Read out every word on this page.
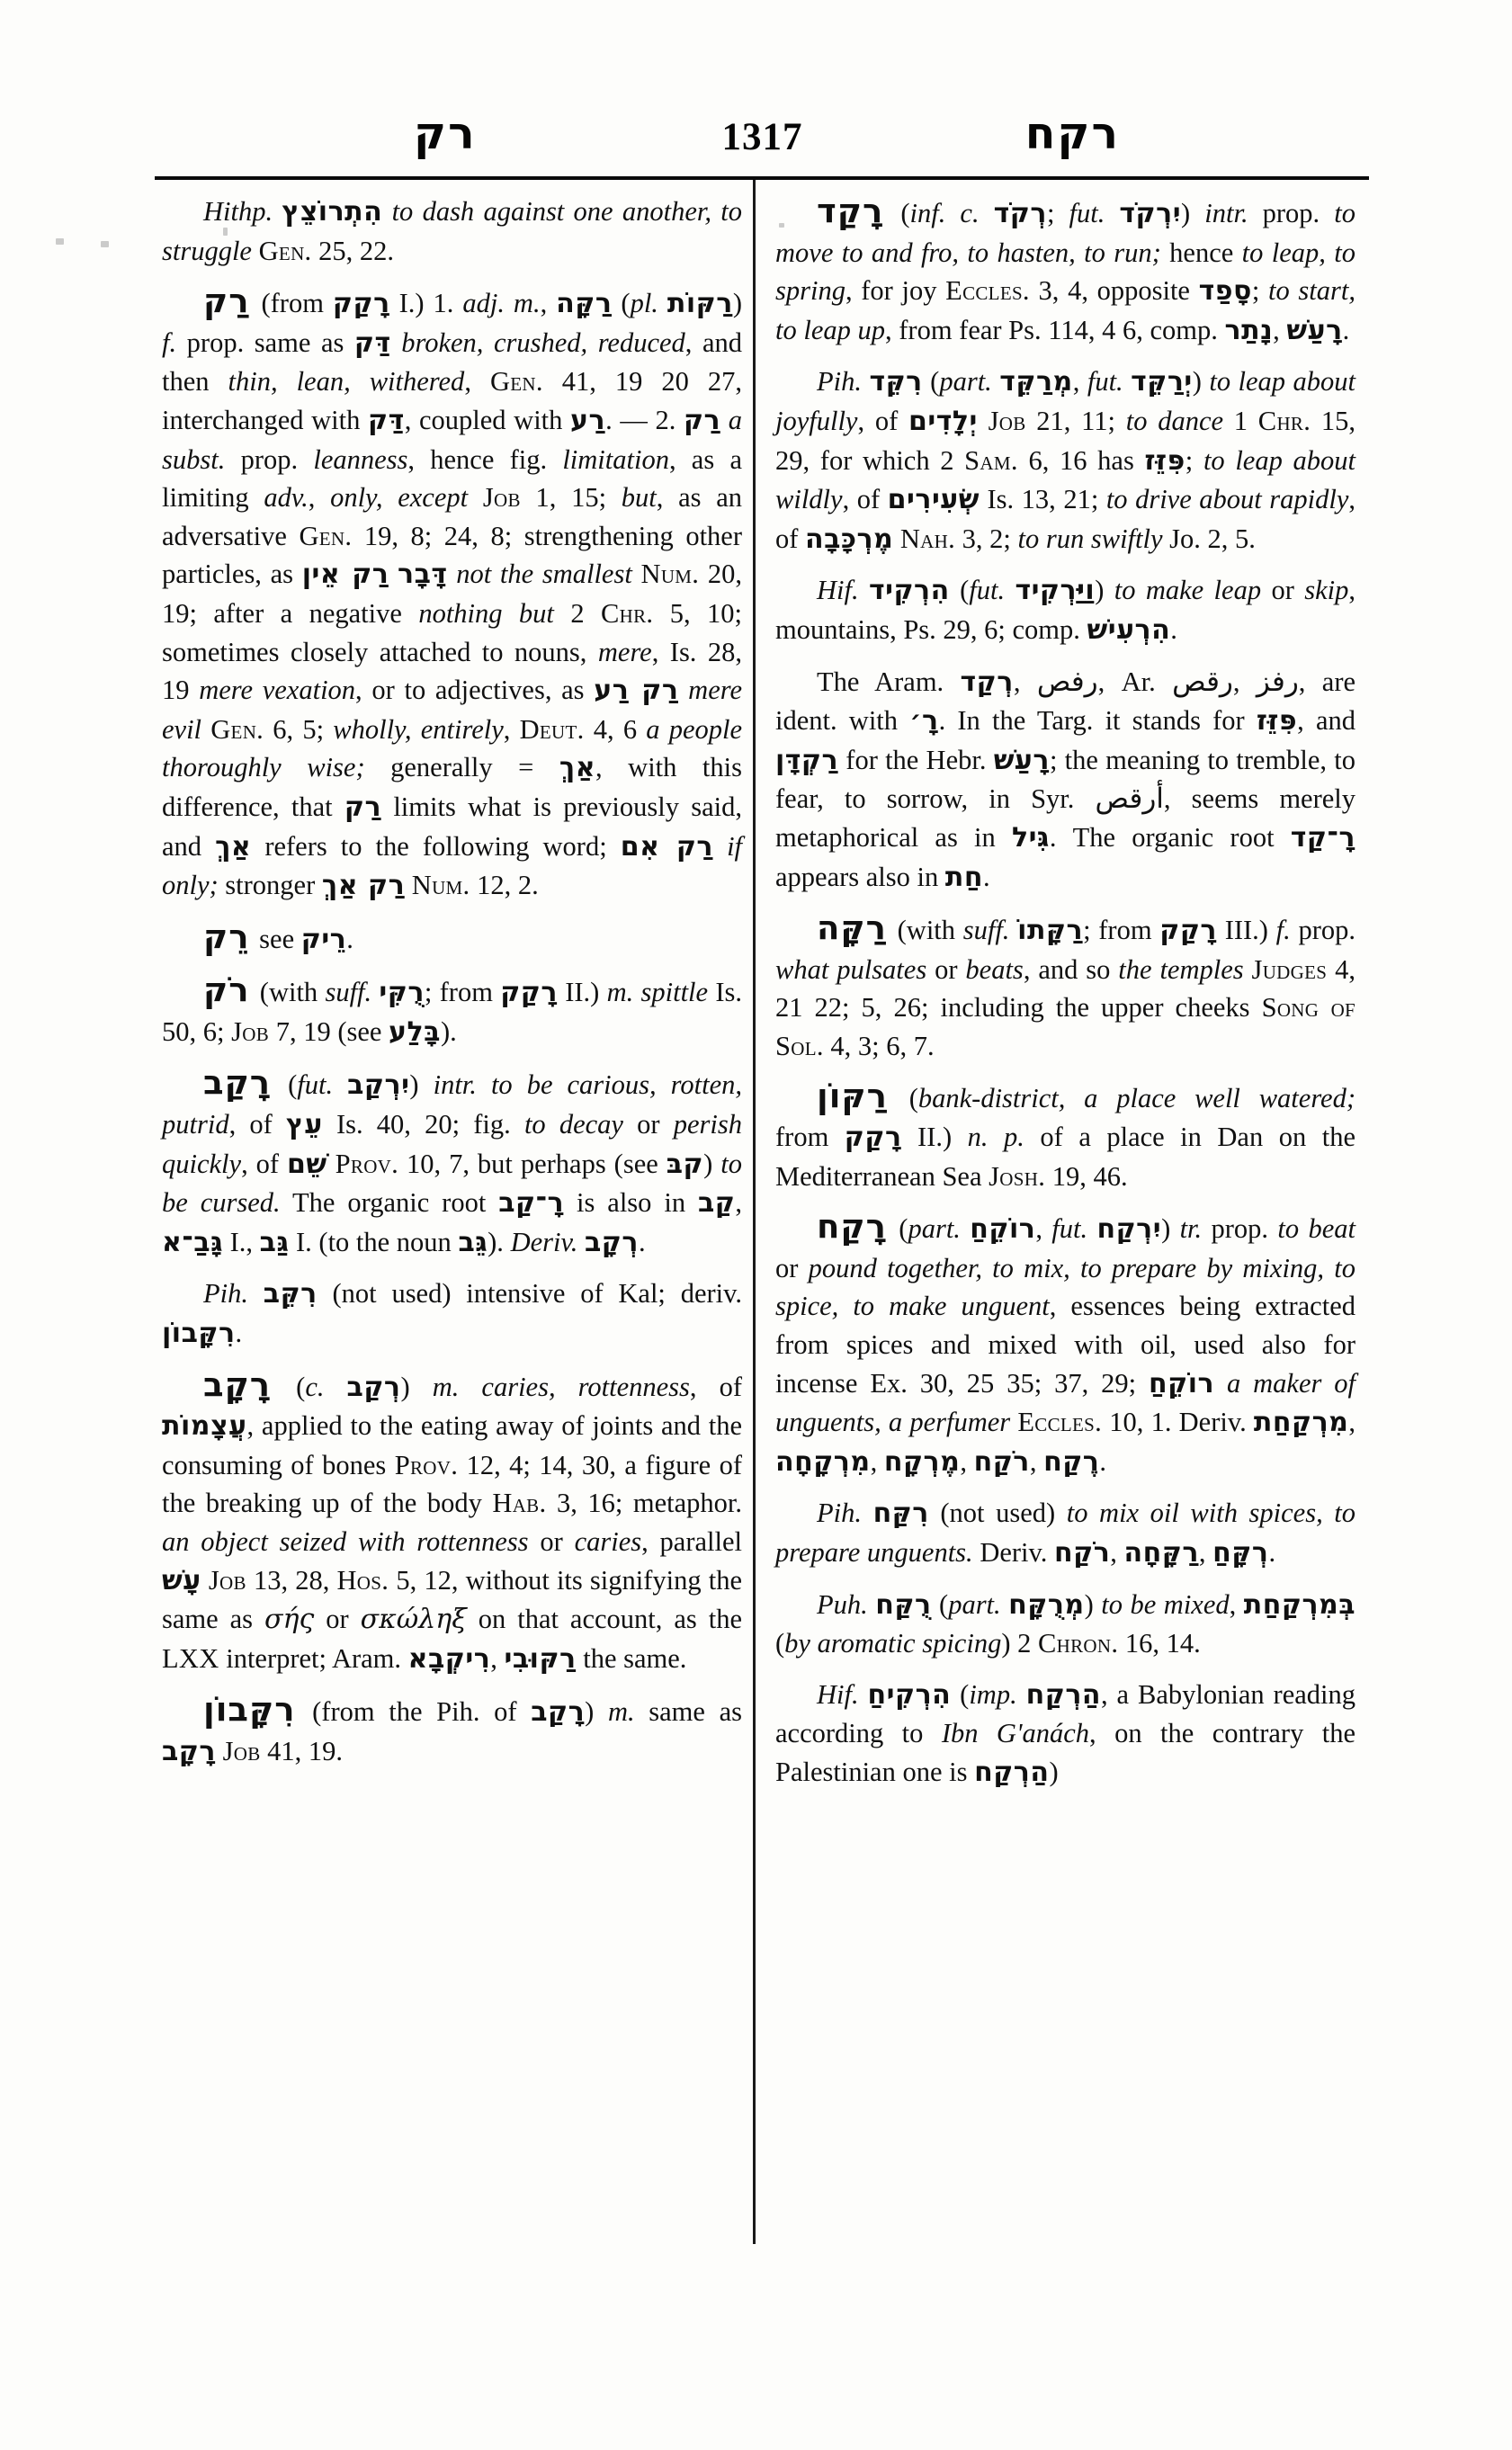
רק	1317	רקח
Hithp. הִתְרוֹצֵץ to dash against one another, to struggle Gen. 25, 22.
רַק (from רָקַק I.) 1. adj. m., רַקָּה (pl. רַקּוֹת) f. prop. same as דַּק broken, crushed, reduced, and then thin, lean, withered, Gen. 41, 19 20 27, interchanged with דַּק, coupled with רַע. — 2. רַק a subst. prop. leanness, hence fig. limitation, as a limiting adv., only, except Job 1, 15; but, as an adversative Gen. 19, 8; 24, 8; strengthening other particles, as רַק אֵין דָּבָר not the smallest Num. 20, 19; after a negative nothing but 2 Chr. 5, 10; sometimes closely attached to nouns, mere, Is. 28, 19 mere vexation, or to adjectives, as רַק רַע mere evil Gen. 6, 5; wholly, entirely, Deut. 4, 6 a people thoroughly wise; generally = אַךְ, with this difference, that רַק limits what is previously said, and אַךְ refers to the following word; רַק אִם if only; stronger רַק אַךְ Num. 12, 2.
רֵק see רֵיק.
רֹק (with suff. רֻקִּי; from רָקַק II.) m. spittle Is. 50, 6; Job 7, 19 (see בָּלַע).
רָקַב (fut. יִרְקַב) intr. to be carious, rotten, putrid, of עֵץ Is. 40, 20; fig. to decay or perish quickly, of שֵׁם Prov. 10, 7, but perhaps (see קבּ) to be cursed. The organic root רָ־קַב is also in קַב, גָּבַ־א I., גַּב I. (to the noun גֵּב). Deriv. רְקָב.
Pih. רִקֵּב (not used) intensive of Kal; deriv. רִקָּבוֹן.
רָקָב (c. רְקַב) m. caries, rottenness, of עֲצָמוֹת, applied to the eating away of joints and the consuming of bones Prov. 12, 4; 14, 30, a figure of the breaking up of the body Hab. 3, 16; metaphor. an object seized with rottenness or caries, parallel עָשׁ Job 13, 28, Hos. 5, 12, without its signifying the same as σής or σκώληξ on that account, as the LXX interpret; Aram. רִיקְבָא, רַקּוּבִי the same.
רִקָּבוֹן (from the Pih. of רָקַב) m. same as רָקָב Job 41, 19.
רָקַד (inf. c. רְקֹד; fut. יִרְקֹד) intr. prop. to move to and fro, to hasten, to run; hence to leap, to spring, for joy Eccles. 3, 4, opposite סָפַד; to start, to leap up, from fear Ps. 114, 4 6, comp. נָתַר, רָעַשׁ.
Pih. רִקֵּד (part. מְרַקֵּד, fut. יְרַקֵּד) to leap about joyfully, of יְלָדִים Job 21, 11; to dance 1 Chr. 15, 29, for which 2 Sam. 6, 16 has פִּזֵּז; to leap about wildly, of שְׂעִירִים Is. 13, 21; to drive about rapidly, of מֶרְכָּבָה Nah. 3, 2; to run swiftly Jo. 2, 5.
Hif. הִרְקִיד (fut. וַיַּרְקִיד) to make leap or skip, mountains, Ps. 29, 6; comp. הִרְעִישׁ.
The Aram. רְקַד, رفص, Ar. رقص, رفز, are ident. with רָ׳. In the Targ. it stands for פִּזֵּז, and רַקְדָּן for the Hebr. רָעַשׁ; the meaning to tremble, to fear, to sorrow, in Syr. أرقص, seems merely metaphorical as in גִּיל. The organic root רָ־קַד appears also in חַת.
רַקָּה (with suff. רַקָּתוֹ; from רָקַק III.) f. prop. what pulsates or beats, and so the temples Judges 4, 21 22; 5, 26; including the upper cheeks Song of Sol. 4, 3; 6, 7.
רַקּוֹן (bank-district, a place well watered; from רָקַק II.) n. p. of a place in Dan on the Mediterranean Sea Josh. 19, 46.
רָקַח (part. רוֹקֵחַ, fut. יִרְקַח) tr. prop. to beat or pound together, to mix, to prepare by mixing, to spice, to make unguent, essences being extracted from spices and mixed with oil, used also for incense Ex. 30, 25 35; 37, 29; רוֹקֵחַ a maker of unguents, a perfumer Eccles. 10, 1. Deriv. מִרְקַחַת, מִרְקָחָה, מֶרְקָח, רֹקַח, רֶקַח.
Pih. רִקַּח (not used) to mix oil with spices, to prepare unguents. Deriv. רֹקַח, רַקָּחָה, רְקָּחַ.
Puh. רֻקַּח (part. מְרֻקָּח) to be mixed, בְּמִרְקַחַת (by aromatic spicing) 2 Chron. 16, 14.
Hif. הִרְקִיחַ (imp. הַרְקַח, a Babylonian reading according to Ibn G'anách, on the contrary the Palestinian one is הַרְקַח)
